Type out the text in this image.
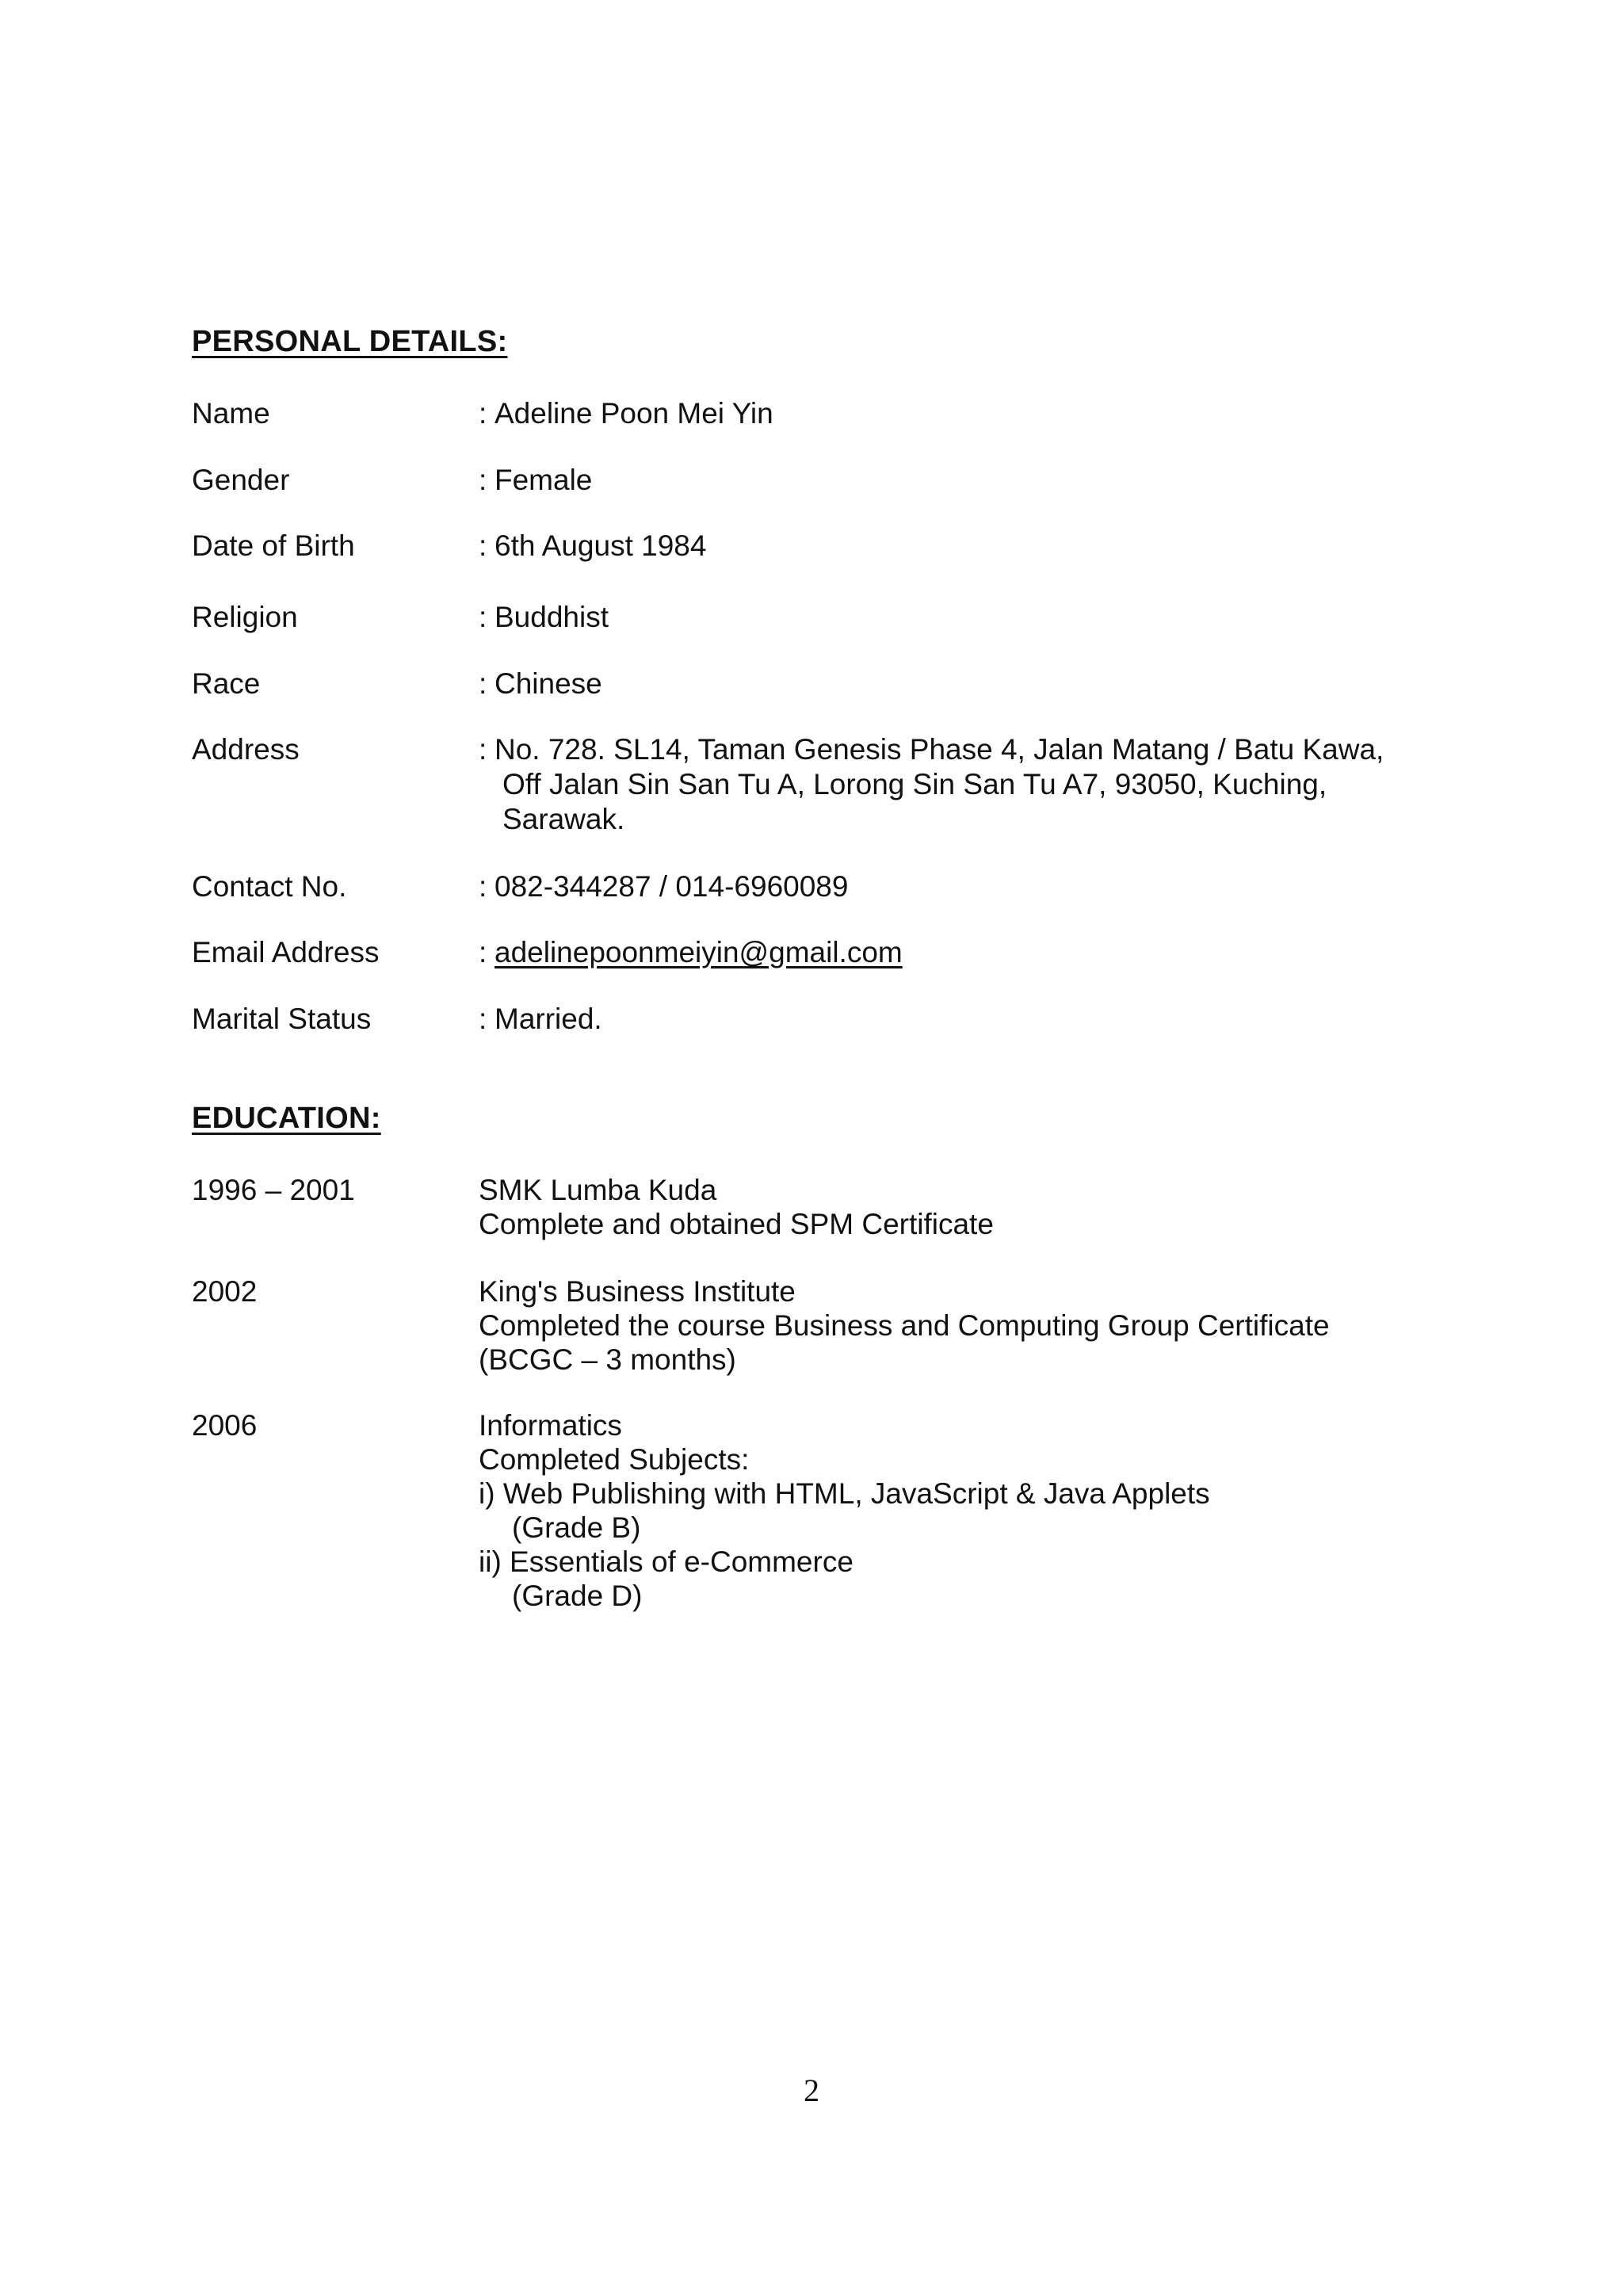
PERSONAL DETAILS:
Name	: Adeline Poon Mei Yin
Gender	: Female
Date of Birth	: 6th August 1984
Religion	: Buddhist
Race	: Chinese
Address	: No. 728. SL14, Taman Genesis Phase 4, Jalan Matang / Batu Kawa,
Off Jalan Sin San Tu A, Lorong Sin San Tu A7, 93050, Kuching,
Sarawak.
Contact No.	: 082-344287 / 014-6960089
Email Address	: adelinepoonmeiyin@gmail.com
Marital Status	: Married.
EDUCATION:
1996 – 2001	SMK Lumba Kuda
Complete and obtained SPM Certificate
2002	King's Business Institute
Completed the course Business and Computing Group Certificate
(BCGC – 3 months)
2006	Informatics
Completed Subjects:
i) Web Publishing with HTML, JavaScript & Java Applets
(Grade B)
ii) Essentials of e-Commerce
(Grade D)
2
